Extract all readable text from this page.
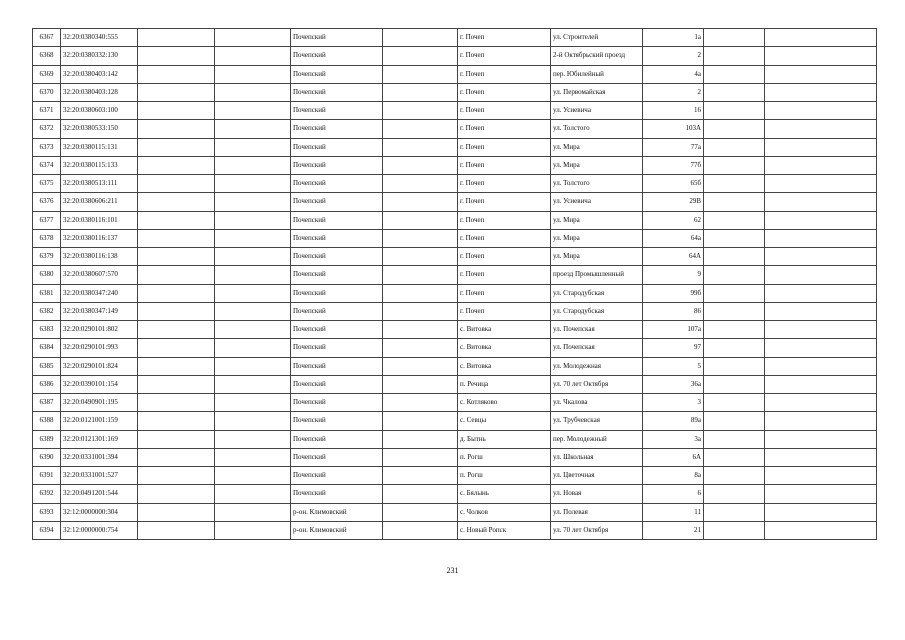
6367	32:20:0380340:555			Почепский		г. Почеп	ул. Строителей	1а		
6368	32:20:0380332:130			Почепский		г. Почеп	2-й Октябрьский проезд	2		
6369	32:20:0380403:142			Почепский		г. Почеп	пер. Юбилейный	4а		
6370	32:20:0380403:128			Почепский		г. Почеп	ул. Первомайская	2		
6371	32:20:0380603:100			Почепский		г. Почеп	ул. Усиевича	16		
6372	32:20:0380533:150			Почепский		г. Почеп	ул. Толстого	103А		
6373	32:20:0380115:131			Почепский		г. Почеп	ул. Мира	77а		
6374	32:20:0380115:133			Почепский		г. Почеп	ул. Мира	77б		
6375	32:20:0380513:111			Почепский		г. Почеп	ул. Толстого	65б		
6376	32:20:0380606:211			Почепский		г. Почеп	ул. Усиевича	29В		
6377	32:20:0380116:101			Почепский		г. Почеп	ул. Мира	62		
6378	32:20:0380116:137			Почепский		г. Почеп	ул. Мира	64а		
6379	32:20:0380116:138			Почепский		г. Почеп	ул. Мира	64А		
6380	32:20:0380607:570			Почепский		г. Почеп	проезд Промышленный	9		
6381	32:20:0380347:240			Почепский		г. Почеп	ул. Стародубская	99б		
6382	32:20:0380347:149			Почепский		г. Почеп	ул. Стародубская	86		
6383	32:20:0290101:802			Почепский		с. Витовка	ул. Почепская	107а		
6384	32:20:0290101:993			Почепский		с. Витовка	ул. Почепская	97		
6385	32:20:0290101:824			Почепский		с. Витовка	ул. Молодежная	5		
6386	32:20:0390101:154			Почепский		п. Речица	ул. 70 лет Октября	36а		
6387	32:20:0490901:195			Почепский		с. Котляково	ул. Чкалова	3		
6388	32:20:0121001:159			Почепский		с. Севцы	ул. Трубчевская	89а		
6389	32:20:0121301:169			Почепский		д. Бытнь	пер. Молодежный	3а		
6390	32:20:0331001:394			Почепский		п. Рогш	ул. Школьная	6А		
6391	32:20:0331001:527			Почепский		п. Рогш	ул. Цветочная	8а		
6392	32:20:0491201:544			Почепский		с. Бялынь	ул. Новая	6		
6393	32:12:0000000:304			р-он. Климовский		с. Чолков	ул. Полевая	11		
6394	32:12:0000000:754			р-он. Климовский		с. Новый Ропск	ул. 70 лет Октября	21		
231
